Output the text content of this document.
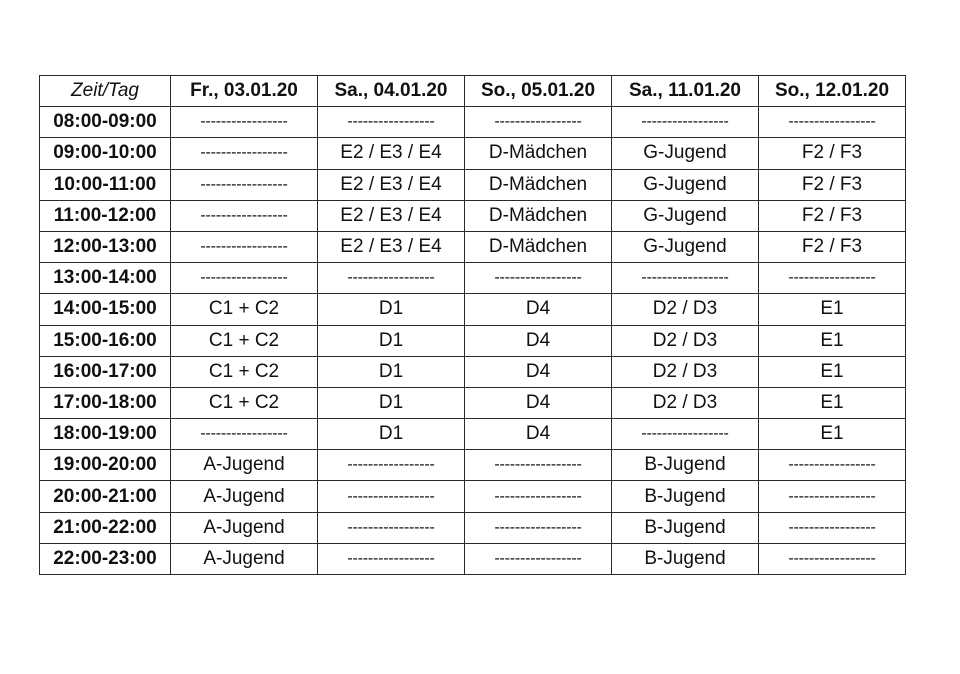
Zeit/Tag	Fr., 03.01.20	Sa., 04.01.20	So., 05.01.20	Sa., 11.01.20	So., 12.01.20
08:00-09:00	-----------------	-----------------	-----------------	-----------------	-----------------
09:00-10:00	-----------------	E2 / E3 / E4	D-Mädchen	G-Jugend	F2 / F3
10:00-11:00	-----------------	E2 / E3 / E4	D-Mädchen	G-Jugend	F2 / F3
11:00-12:00	-----------------	E2 / E3 / E4	D-Mädchen	G-Jugend	F2 / F3
12:00-13:00	-----------------	E2 / E3 / E4	D-Mädchen	G-Jugend	F2 / F3
13:00-14:00	-----------------	-----------------	-----------------	-----------------	-----------------
14:00-15:00	C1 + C2	D1	D4	D2 / D3	E1
15:00-16:00	C1 + C2	D1	D4	D2 / D3	E1
16:00-17:00	C1 + C2	D1	D4	D2 / D3	E1
17:00-18:00	C1 + C2	D1	D4	D2 / D3	E1
18:00-19:00	-----------------	D1	D4	-----------------	E1
19:00-20:00	A-Jugend	-----------------	-----------------	B-Jugend	-----------------
20:00-21:00	A-Jugend	-----------------	-----------------	B-Jugend	-----------------
21:00-22:00	A-Jugend	-----------------	-----------------	B-Jugend	-----------------
22:00-23:00	A-Jugend	-----------------	-----------------	B-Jugend	-----------------
